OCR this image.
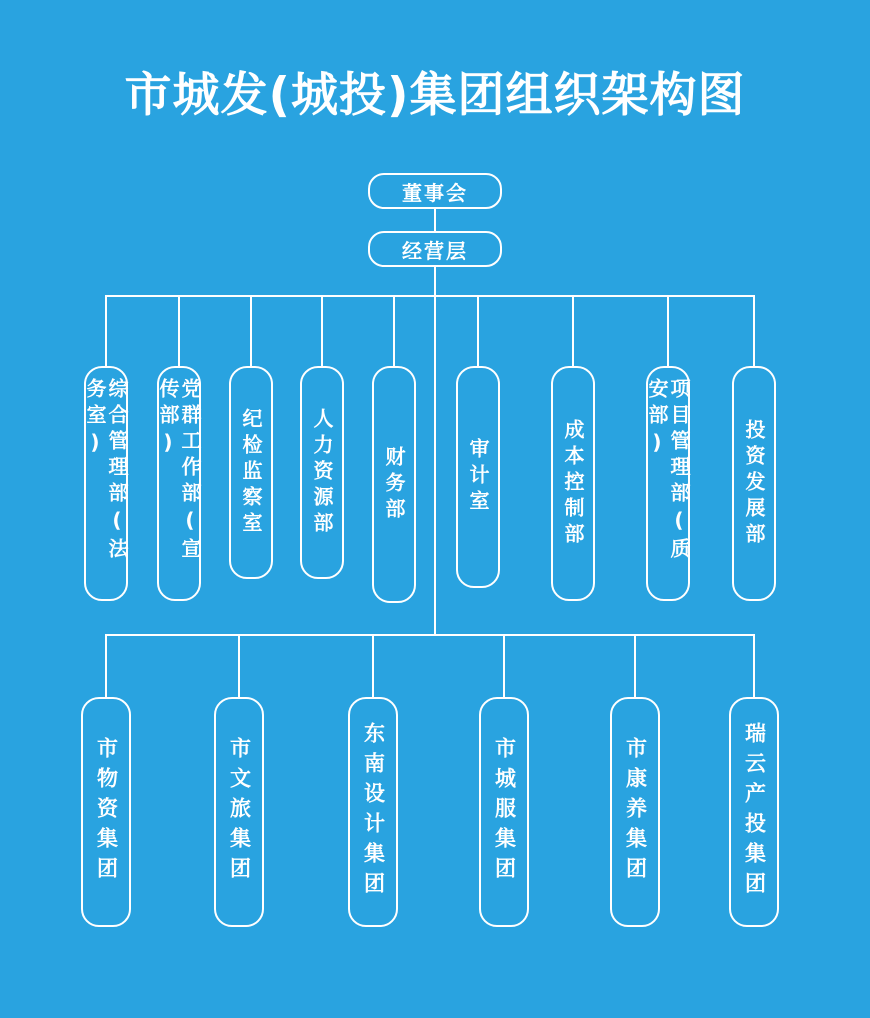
市城发(城投)集团组织架构图
董事会
经营层
综合管理部(法务室)	党群工作部(宣传部)	纪检监察室 人力资源部 财务部	审计室	成本控制部	项目管理部(质安部)	投资发展部
市物资集团	市文旅集团	东南设计集团	市城服集团	市康养集团	瑞云产投集团
